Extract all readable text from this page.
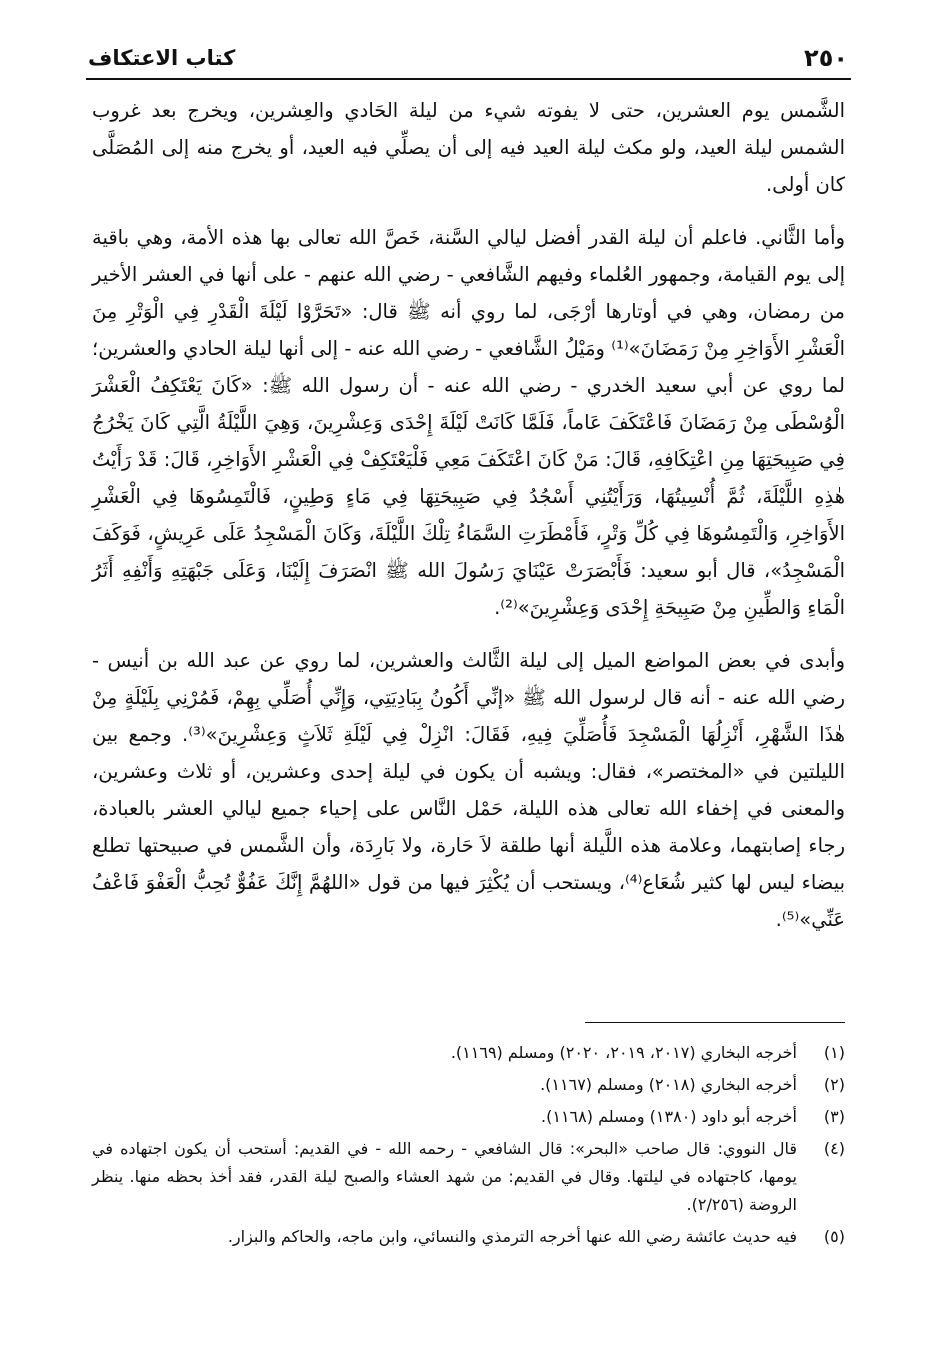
٢٥٠
كتاب الاعتكاف

الشَّمس يوم العشرين، حتى لا يفوته شيء من ليلة الحَادي والعِشرين، ويخرج بعد غروب الشمس ليلة العيد، ولو مكث ليلة العيد فيه إلى أن يصلِّي فيه العيد، أو يخرج منه إلى المُصَلَّى كان أولى.

وأما الثَّاني. فاعلم أن ليلة القدر أفضل ليالي السَّنة، خَصَّ الله تعالى بها هذه الأمة، وهي باقية إلى يوم القيامة، وجمهور العُلماء وفيهم الشَّافعي - رضي الله عنهم - على أنها في العشر الأخير من رمضان، وهي في أوتارها أرْجَى، لما روي أنه ﷺ قال: «تَحَرَّوْا لَيْلَةَ الْقَدْرِ فِي الْوَتْرِ مِنَ الْعَشْرِ الأَوَاخِرِ مِنْ رَمَضَانَ»⁽¹⁾ ومَيْلُ الشَّافعي - رضي الله عنه - إلى أنها ليلة الحادي والعشرين؛ لما روي عن أبي سعيد الخدري - رضي الله عنه - أن رسول الله ﷺ: «كَانَ يَعْتَكِفُ الْعَشْرَ الْوُسْطَى مِنْ رَمَضَانَ فَاعْتَكَفَ عَاماً، فَلَمَّا كَانَتْ لَيْلَةَ إِحْدَى وَعِشْرِينَ، وَهِيَ اللَّيْلَةُ الَّتِي كَانَ يَخْرُجُ فِي صَبِيحَتِهَا مِنِ اعْتِكَافِهِ، قَالَ: مَنْ كَانَ اعْتَكَفَ مَعِي فَلْيَعْتَكِفْ فِي الْعَشْرِ الأَوَاخِرِ، قَالَ: قَدْ رَأَيْتُ هٰذِهِ اللَّيْلَةَ، ثُمَّ أُنْسِيتُهَا، وَرَأَيْتُنِي أَسْجُدُ فِي صَبِيحَتِهَا فِي مَاءٍ وَطِينٍ، فَالْتَمِسُوهَا فِي الْعَشْرِ الأَوَاخِرِ، وَالْتَمِسُوهَا فِي كُلِّ وَتْرٍ، فَأَمْطَرَتِ السَّمَاءُ تِلْكَ اللَّيْلَةَ، وَكَانَ الْمَسْجِدُ عَلَى عَرِيشٍ، فَوَكَفَ الْمَسْجِدُ»، قال أبو سعيد: فَأَبْصَرَتْ عَيْنَايَ رَسُولَ الله ﷺ انْصَرَفَ إِلَيْنَا، وَعَلَى جَبْهَتِهِ وَأَنْفِهِ أَثَرُ الْمَاءِ وَالطِّينِ مِنْ صَبِيحَةِ إِحْدَى وَعِشْرِينَ»⁽²⁾.

وأبدى في بعض المواضع الميل إلى ليلة الثَّالث والعشرين، لما روي عن عبد الله بن أنيس - رضي الله عنه - أنه قال لرسول الله ﷺ «إنِّي أَكُونُ بِبَادِيَتِي، وَإِنِّي أُصَلِّي بِهِمْ، فَمُرْنِي بِلَيْلَةٍ مِنْ هٰذَا الشَّهْرِ، أَنْزِلُهَا الْمَسْجِدَ فَأُصَلِّيَ فِيهِ، فَقَالَ: انْزِلْ فِي لَيْلَةِ ثَلاَثٍ وَعِشْرِينَ»⁽³⁾. وجمع بين الليلتين في «المختصر»، فقال: ويشبه أن يكون في ليلة إحدى وعشرين، أو ثلاث وعشرين، والمعنى في إخفاء الله تعالى هذه الليلة، حَمْل النَّاس على إحياء جميع ليالي العشر بالعبادة، رجاء إصابتهما، وعلامة هذه اللَّيلة أنها طلقة لاَ حَارة، ولا بَارِدَة، وأن الشَّمس في صبيحتها تطلع بيضاء ليس لها كثير شُعَاع⁽⁴⁾، ويستحب أن يُكْثِرَ فيها من قول «اللهُمَّ إِنَّكَ عَفُوٌّ تُحِبُّ الْعَفْوَ فَاعْفُ عَنِّي»⁽⁵⁾.

(١)
أخرجه البخاري (٢٠١٧، ٢٠١٩، ٢٠٢٠) ومسلم (١١٦٩).
(٢)
أخرجه البخاري (٢٠١٨) ومسلم (١١٦٧).
(٣)
أخرجه أبو داود (١٣٨٠) ومسلم (١١٦٨).
(٤)
قال النووي: قال صاحب «البحر»: قال الشافعي - رحمه الله - في القديم: أستحب أن يكون اجتهاده في يومها، كاجتهاده في ليلتها. وقال في القديم: من شهد العشاء والصبح ليلة القدر، فقد أخذ بحظه منها. ينظر الروضة (٢/٢٥٦).
(٥)
فيه حديث عائشة رضي الله عنها أخرجه الترمذي والنسائي، وابن ماجه، والحاكم والبزار.
